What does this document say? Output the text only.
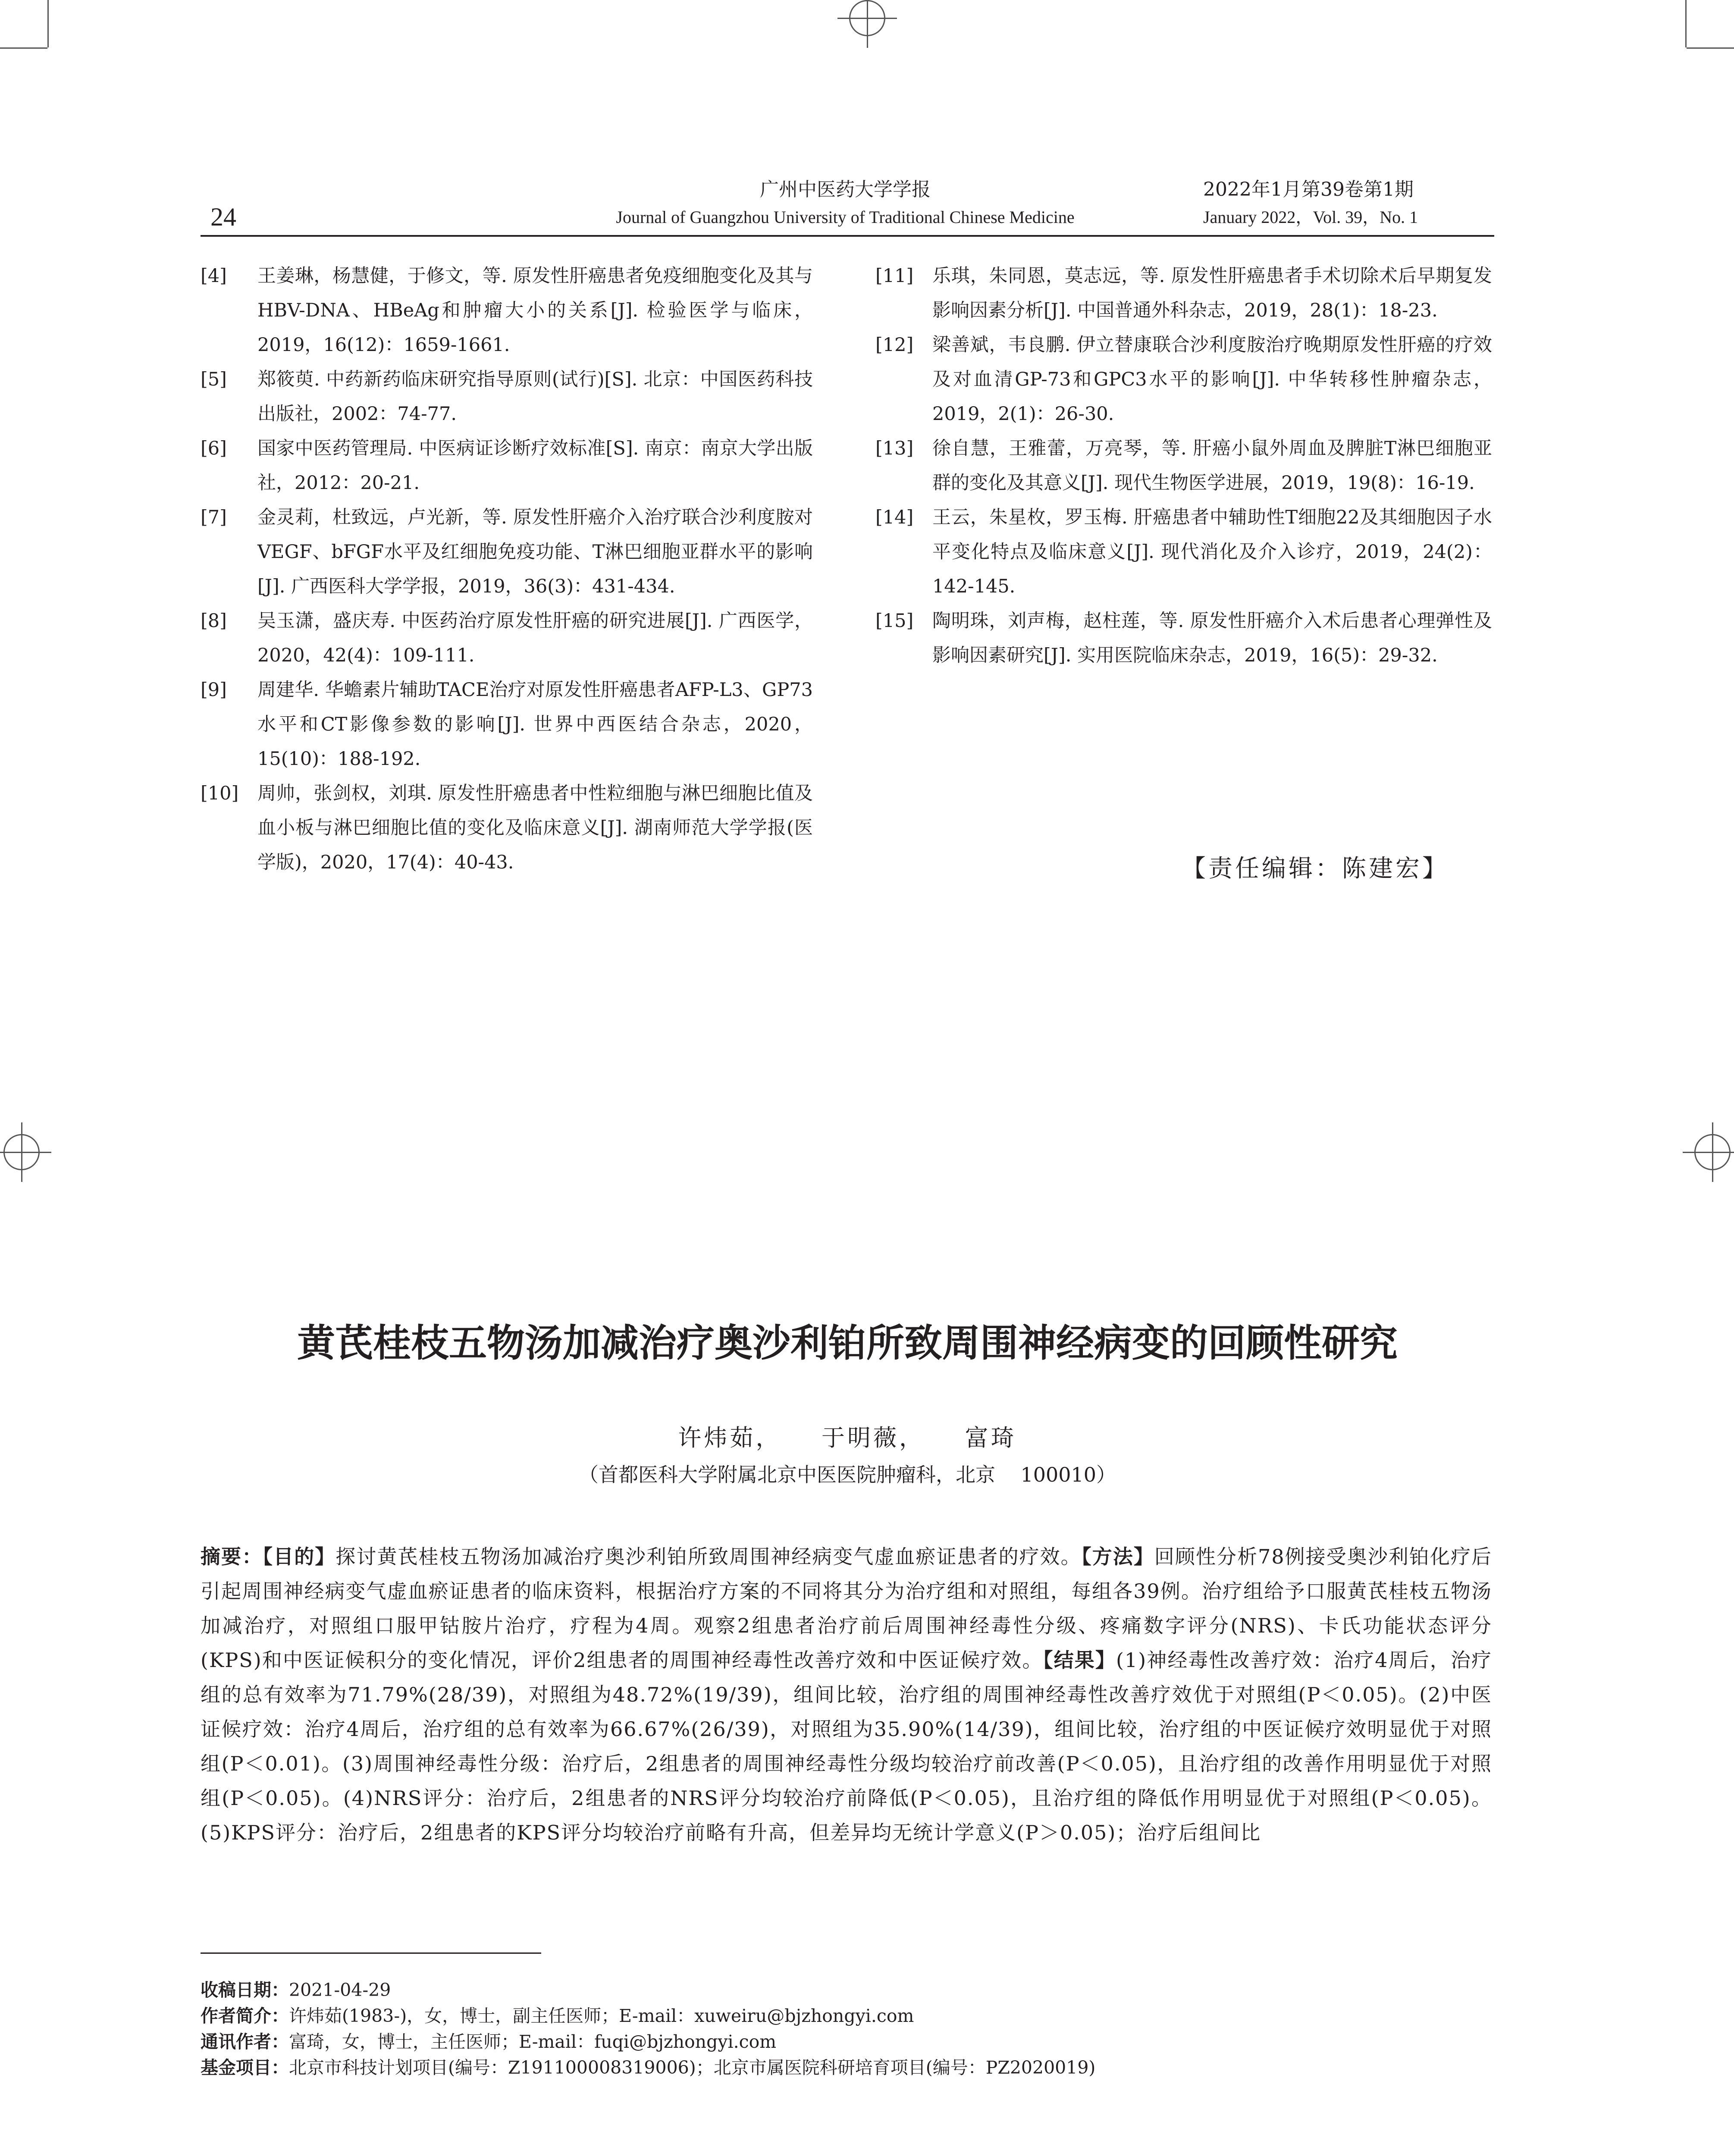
24
广州中医药大学学报
Journal of Guangzhou University of Traditional Chinese Medicine
2022年1月第39卷第1期
January 2022，Vol. 39，No. 1
[4] 王姜琳，杨慧健，于修文，等. 原发性肝癌患者免疫细胞变化及其与HBV-DNA、HBeAg和肿瘤大小的关系[J]. 检验医学与临床，2019，16(12)：1659-1661.
[5] 郑筱萸. 中药新药临床研究指导原则(试行)[S]. 北京：中国医药科技出版社，2002：74-77.
[6] 国家中医药管理局. 中医病证诊断疗效标准[S]. 南京：南京大学出版社，2012：20-21.
[7] 金灵莉，杜致远，卢光新，等. 原发性肝癌介入治疗联合沙利度胺对VEGF、bFGF水平及红细胞免疫功能、T淋巴细胞亚群水平的影响[J]. 广西医科大学学报，2019，36(3)：431-434.
[8] 吴玉潇，盛庆寿. 中医药治疗原发性肝癌的研究进展[J]. 广西医学，2020，42(4)：109-111.
[9] 周建华. 华蟾素片辅助TACE治疗对原发性肝癌患者AFP-L3、GP73水平和CT影像参数的影响[J]. 世界中西医结合杂志，2020，15(10)：188-192.
[10] 周帅，张剑权，刘琪. 原发性肝癌患者中性粒细胞与淋巴细胞比值及血小板与淋巴细胞比值的变化及临床意义[J]. 湖南师范大学学报(医学版)，2020，17(4)：40-43.
[11] 乐琪，朱同恩，莫志远，等. 原发性肝癌患者手术切除术后早期复发影响因素分析[J]. 中国普通外科杂志，2019，28(1)：18-23.
[12] 梁善斌，韦良鹏. 伊立替康联合沙利度胺治疗晚期原发性肝癌的疗效及对血清GP-73和GPC3水平的影响[J]. 中华转移性肿瘤杂志，2019，2(1)：26-30.
[13] 徐自慧，王雅蕾，万亮琴，等. 肝癌小鼠外周血及脾脏T淋巴细胞亚群的变化及其意义[J]. 现代生物医学进展，2019，19(8)：16-19.
[14] 王云，朱星枚，罗玉梅. 肝癌患者中辅助性T细胞22及其细胞因子水平变化特点及临床意义[J]. 现代消化及介入诊疗，2019，24(2)：142-145.
[15] 陶明珠，刘声梅，赵柱莲，等. 原发性肝癌介入术后患者心理弹性及影响因素研究[J]. 实用医院临床杂志，2019，16(5)：29-32.
【责任编辑：陈建宏】
黄芪桂枝五物汤加减治疗奥沙利铂所致周围神经病变的回顾性研究
许炜茹，    于明薇，    富琦
（首都医科大学附属北京中医医院肿瘤科，北京    100010）
摘要：【目的】探讨黄芪桂枝五物汤加减治疗奥沙利铂所致周围神经病变气虚血瘀证患者的疗效。【方法】回顾性分析78例接受奥沙利铂化疗后引起周围神经病变气虚血瘀证患者的临床资料，根据治疗方案的不同将其分为治疗组和对照组，每组各39例。治疗组给予口服黄芪桂枝五物汤加减治疗，对照组口服甲钴胺片治疗，疗程为4周。观察2组患者治疗前后周围神经毒性分级、疼痛数字评分(NRS)、卡氏功能状态评分(KPS)和中医证候积分的变化情况，评价2组患者的周围神经毒性改善疗效和中医证候疗效。【结果】(1)神经毒性改善疗效：治疗4周后，治疗组的总有效率为71.79%(28/39)，对照组为48.72%(19/39)，组间比较，治疗组的周围神经毒性改善疗效优于对照组(P＜0.05)。(2)中医证候疗效：治疗4周后，治疗组的总有效率为66.67%(26/39)，对照组为35.90%(14/39)，组间比较，治疗组的中医证候疗效明显优于对照组(P＜0.01)。(3)周围神经毒性分级：治疗后，2组患者的周围神经毒性分级均较治疗前改善(P＜0.05)，且治疗组的改善作用明显优于对照组(P＜0.05)。(4)NRS评分：治疗后，2组患者的NRS评分均较治疗前降低(P＜0.05)，且治疗组的降低作用明显优于对照组(P＜0.05)。(5)KPS评分：治疗后，2组患者的KPS评分均较治疗前略有升高，但差异均无统计学意义(P＞0.05)；治疗后组间比
收稿日期：2021-04-29
作者简介：许炜茹(1983-)，女，博士，副主任医师；E-mail：xuweiru@bjzhongyi.com
通讯作者：富琦，女，博士，主任医师；E-mail：fuqi@bjzhongyi.com
基金项目：北京市科技计划项目(编号：Z191100008319006)；北京市属医院科研培育项目(编号：PZ2020019)
